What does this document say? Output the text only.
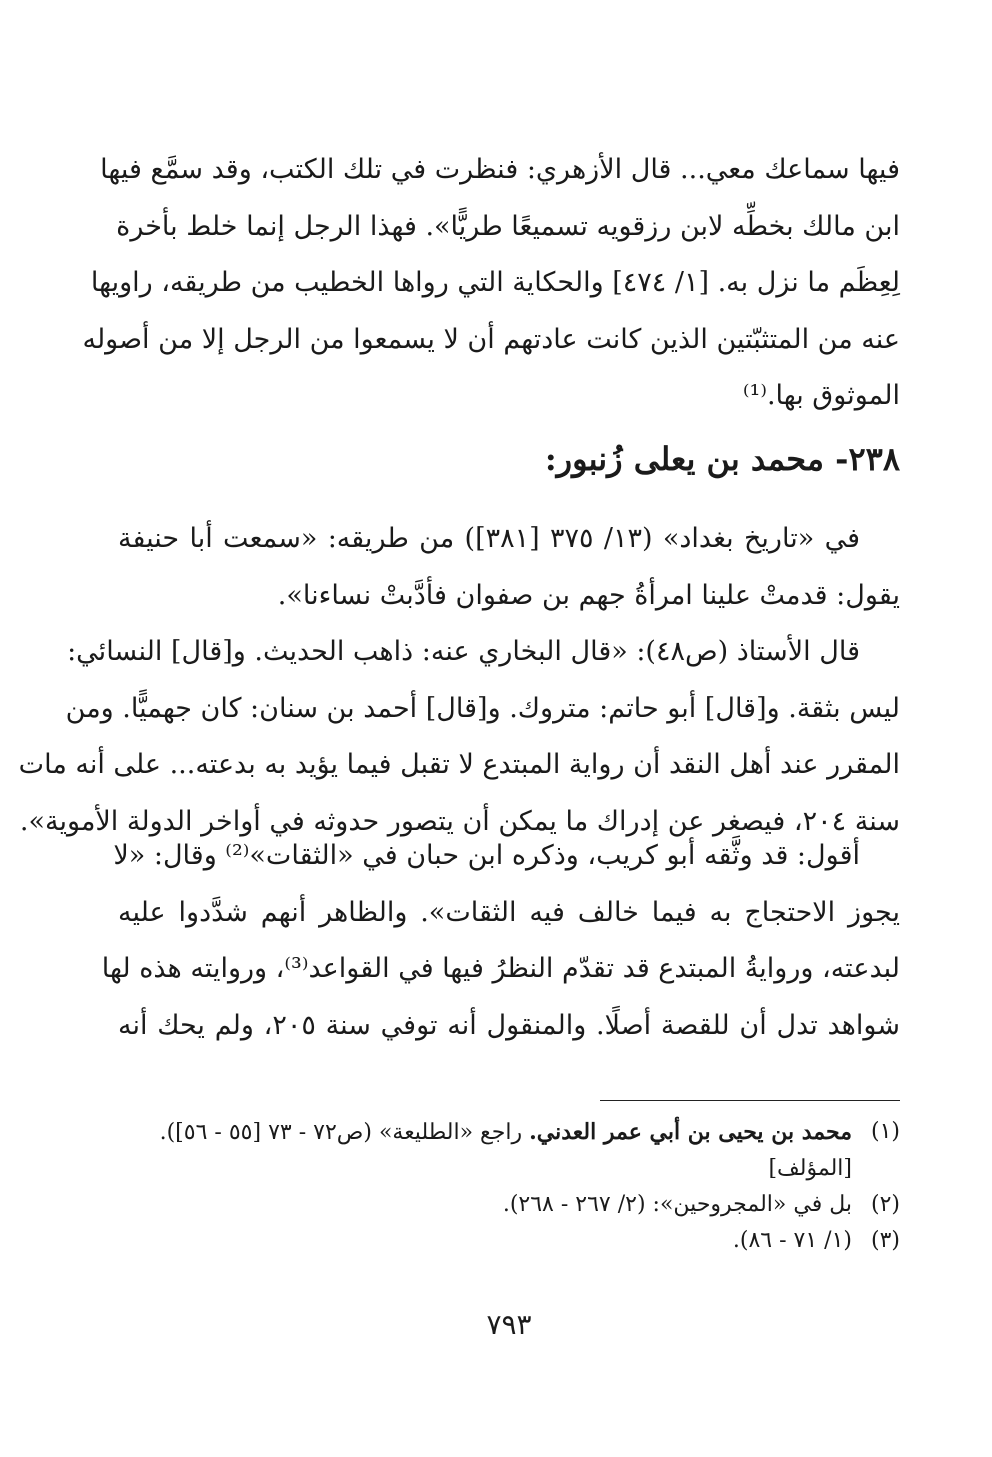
فيها سماعك معي... قال الأزهري: فنظرت في تلك الكتب، وقد سمَّع فيها
ابن مالك بخطِّه لابن رزقويه تسميعًا طريًّا». فهذا الرجل إنما خلط بأخرة
لِعِظَم ما نزل به. [١/ ٤٧٤] والحكاية التي رواها الخطيب من طريقه، راويها
عنه من المتثبّتين الذين كانت عادتهم أن لا يسمعوا من الرجل إلا من أصوله
الموثوق بها.⁽¹⁾
٢٣٨- محمد بن يعلى زُنبور:
في «تاريخ بغداد» (١٣/ ٣٧٥ [٣٨١]) من طريقه: «سمعت أبا حنيفة
يقول: قدمتْ علينا امرأةُ جهم بن صفوان فأدَّبتْ نساءنا».
قال الأستاذ (ص٤٨): «قال البخاري عنه: ذاهب الحديث. و[قال] النسائي:
ليس بثقة. و[قال] أبو حاتم: متروك. و[قال] أحمد بن سنان: كان جهميًّا. ومن
المقرر عند أهل النقد أن رواية المبتدع لا تقبل فيما يؤيد به بدعته... على أنه مات
سنة ٢٠٤، فيصغر عن إدراك ما يمكن أن يتصور حدوثه في أواخر الدولة الأموية».
أقول: قد وثَّقه أبو كريب، وذكره ابن حبان في «الثقات»⁽²⁾ وقال: «لا
يجوز الاحتجاج به فيما خالف فيه الثقات». والظاهر أنهم شدَّدوا عليه
لبدعته، وروايةُ المبتدع قد تقدّم النظرُ فيها في القواعد⁽³⁾، وروايته هذه لها
شواهد تدل أن للقصة أصلًا. والمنقول أنه توفي سنة ٢٠٥، ولم يحك أنه
(١)
محمد بن يحيى بن أبي عمر العدني. راجع «الطليعة» (ص٧٢ - ٧٣ [٥٥ - ٥٦]).
[المؤلف]
(٢)
بل في «المجروحين»: (٢/ ٢٦٧ - ٢٦٨).
(٣)
(١/ ٧١ - ٨٦).
٧٩٣
